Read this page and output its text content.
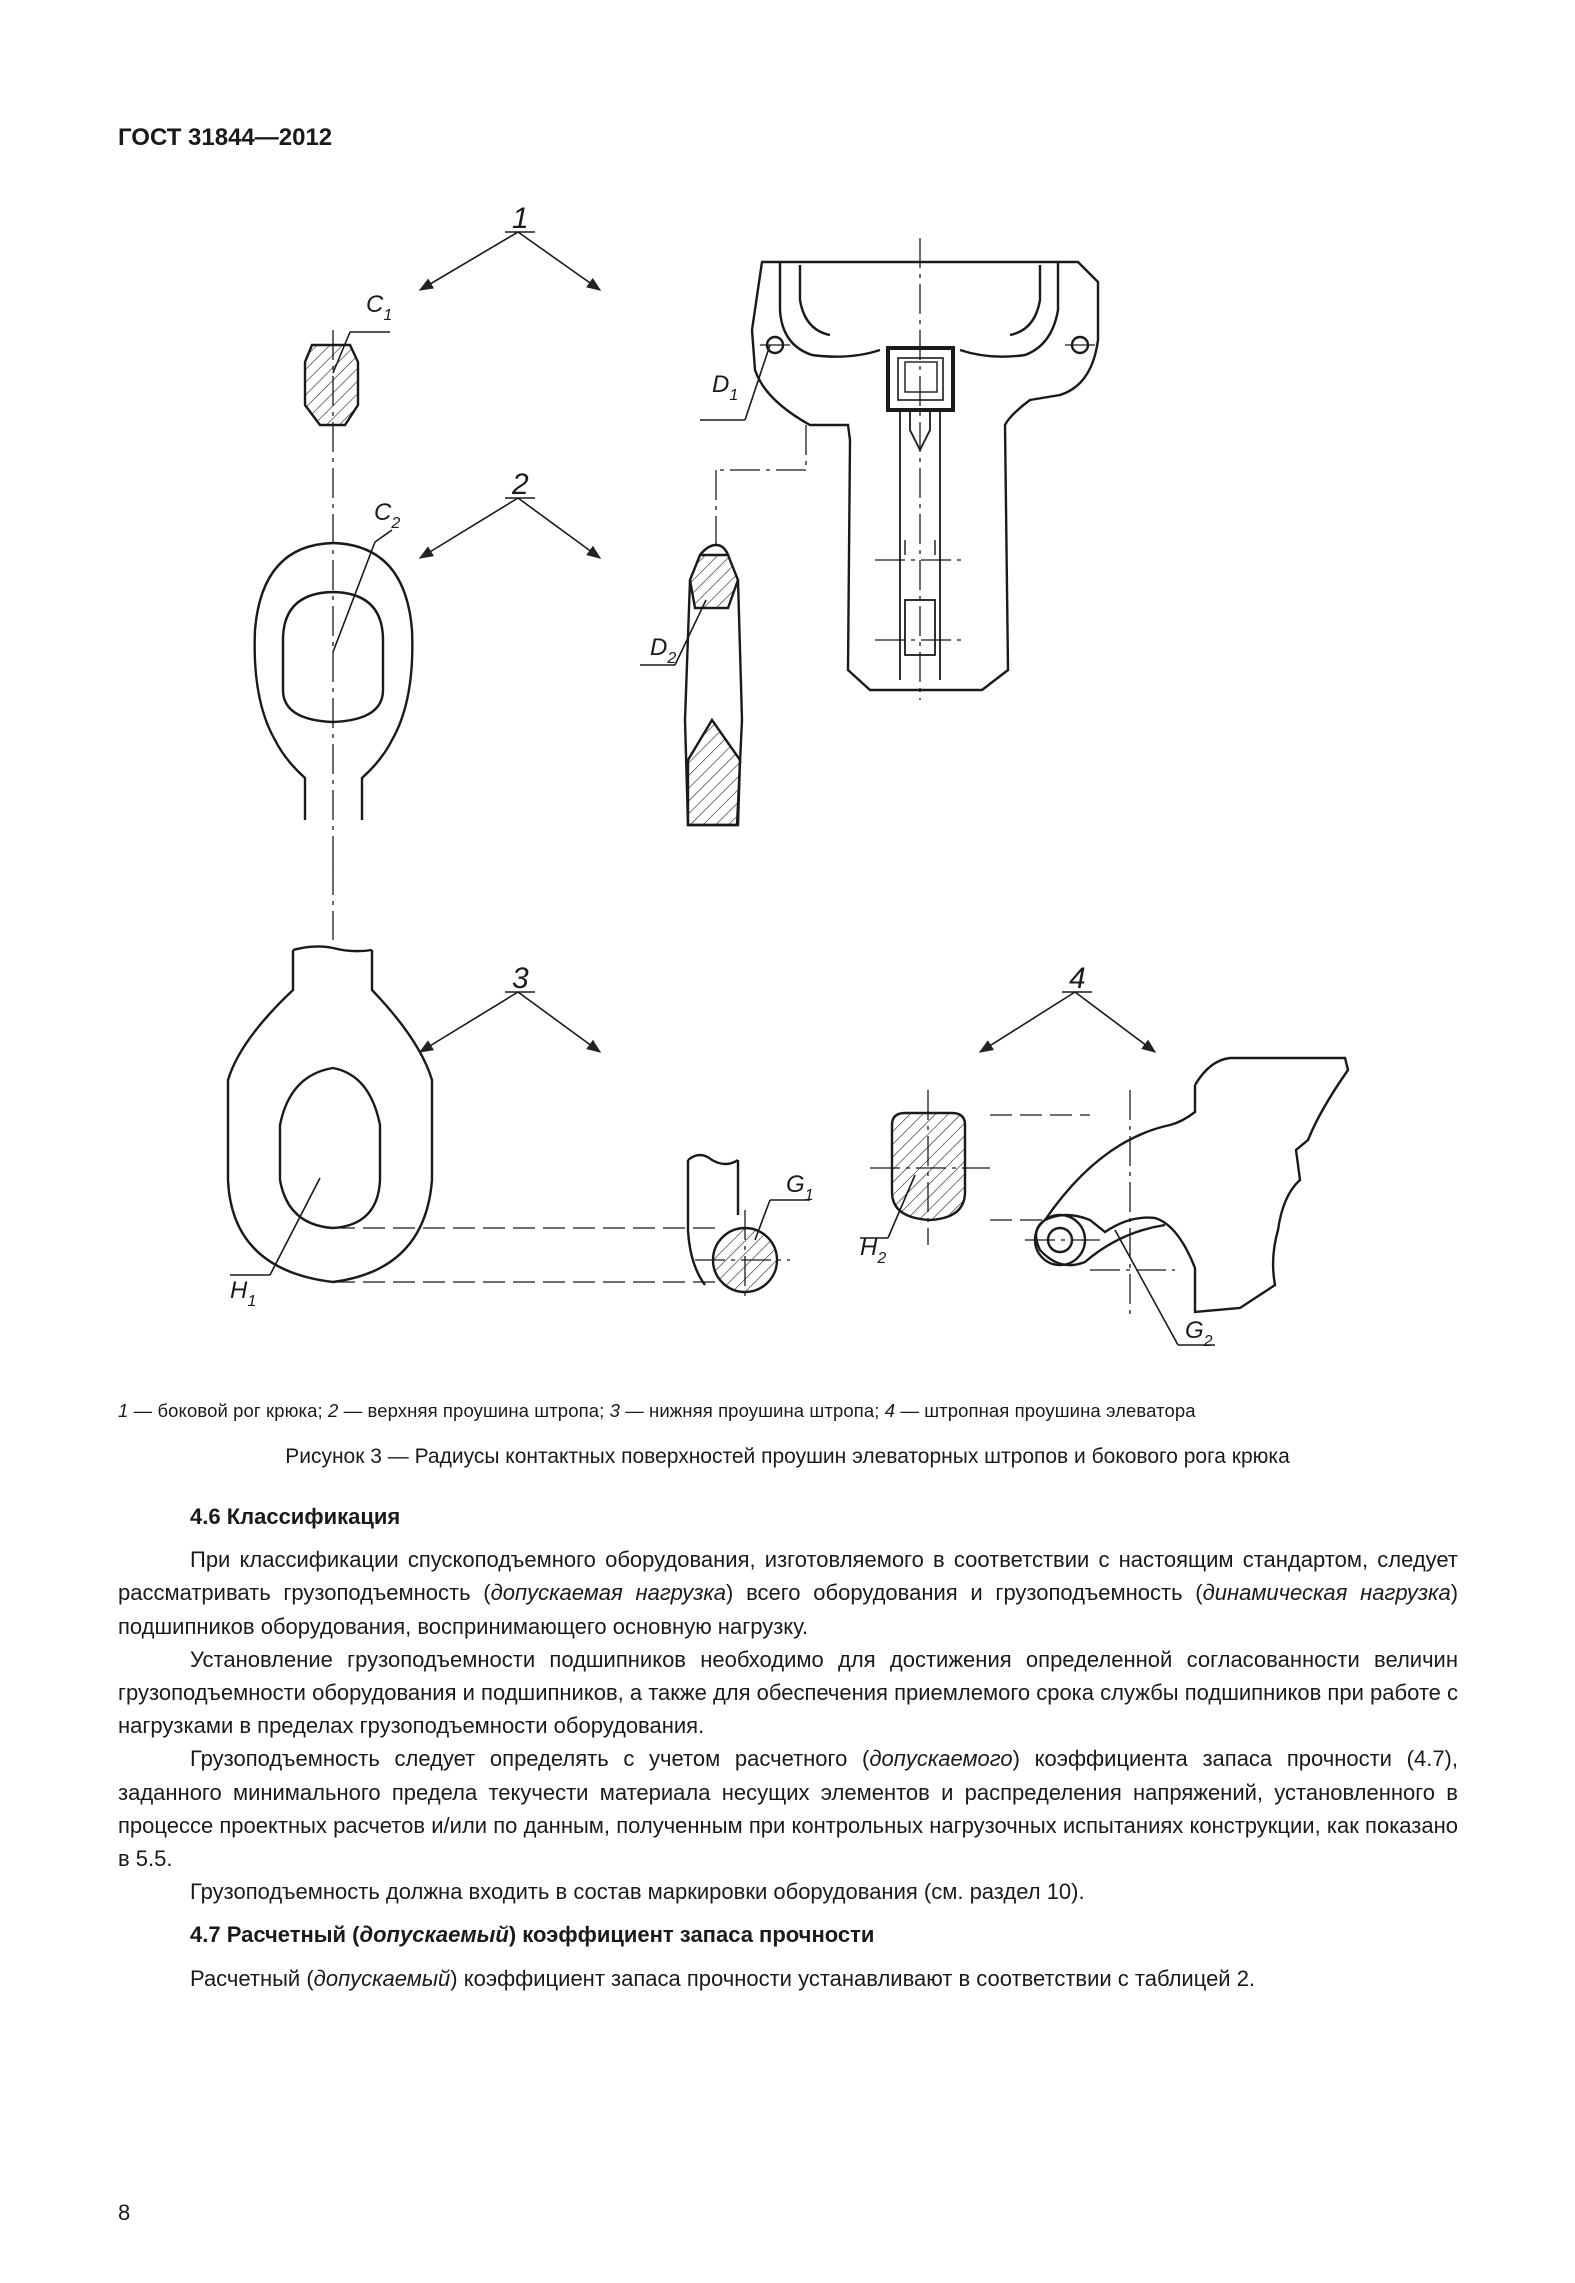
ГОСТ 31844—2012
1
$C_1$
$D_1$
2
$C_2$
$D_2$
3
$H_1$
$G_1$
4
$H_2$
$G_2$
1 — боковой рог крюка; 2 — верхняя проушина штропа; 3 — нижняя проушина штропа; 4 — штропная проушина элеватора
Рисунок 3 — Радиусы контактных поверхностей проушин элеваторных штропов и бокового рога крюка
4.6 Классификация

При классификации спускоподъемного оборудования, изготовляемого в соответствии с настоящим стандартом, следует рассматривать грузоподъемность (допускаемая нагрузка) всего оборудования и грузоподъемность (динамическая нагрузка) подшипников оборудования, воспринимающего основную нагрузку.

Установление грузоподъемности подшипников необходимо для достижения определенной согласованности величин грузоподъемности оборудования и подшипников, а также для обеспечения приемлемого срока службы подшипников при работе с нагрузками в пределах грузоподъемности оборудования.

Грузоподъемность следует определять с учетом расчетного (допускаемого) коэффициента запаса прочности (4.7), заданного минимального предела текучести материала несущих элементов и распределения напряжений, установленного в процессе проектных расчетов и/или по данным, полученным при контрольных нагрузочных испытаниях конструкции, как показано в 5.5.

Грузоподъемность должна входить в состав маркировки оборудования (см. раздел 10).

4.7 Расчетный (допускаемый) коэффициент запаса прочности

Расчетный (допускаемый) коэффициент запаса прочности устанавливают в соответствии с таблицей 2.

8
